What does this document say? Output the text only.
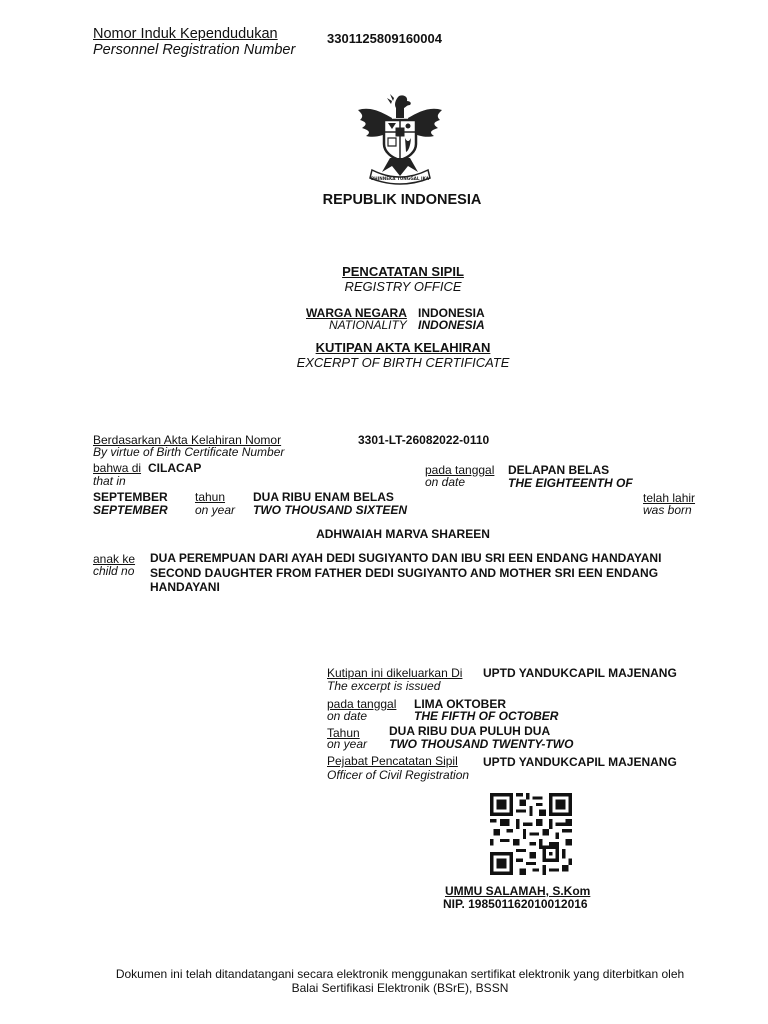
Nomor Induk Kependudukan
Personnel Registration Number
3301125809160004
BHINNEKA TUNGGAL IKA
REPUBLIK INDONESIA
PENCATATAN SIPIL
REGISTRY OFFICE
WARGA NEGARA INDONESIA
NATIONALITY INDONESIA
KUTIPAN AKTA KELAHIRAN
EXCERPT OF BIRTH CERTIFICATE
Berdasarkan Akta Kelahiran Nomor
By virtue of Birth Certificate Number
3301-LT-26082022-0110
bahwa di
that in
CILACAP	pada tanggal
on date
DELAPAN BELAS
THE EIGHTEENTH OF
SEPTEMBER
SEPTEMBER
tahun
on year
DUA RIBU ENAM BELAS
TWO THOUSAND SIXTEEN
telah lahir
was born
ADHWAIAH MARVA SHAREEN
anak ke
child no
DUA PEREMPUAN DARI AYAH DEDI SUGIYANTO DAN IBU SRI EEN ENDANG HANDAYANI
SECOND DAUGHTER FROM FATHER DEDI SUGIYANTO AND MOTHER SRI EEN ENDANG HANDAYANI
Kutipan ini dikeluarkan Di
The excerpt is issued
UPTD YANDUKCAPIL MAJENANG
pada tanggal
on date
LIMA OKTOBER
THE FIFTH OF OCTOBER
Tahun
on year
DUA RIBU DUA PULUH DUA
TWO THOUSAND TWENTY-TWO
Pejabat Pencatatan Sipil
Officer of Civil Registration
UPTD YANDUKCAPIL MAJENANG
UMMU SALAMAH, S.Kom
NIP. 198501162010012016
Dokumen ini telah ditandatangani secara elektronik menggunakan sertifikat elektronik yang diterbitkan oleh
Balai Sertifikasi Elektronik (BSrE), BSSN
